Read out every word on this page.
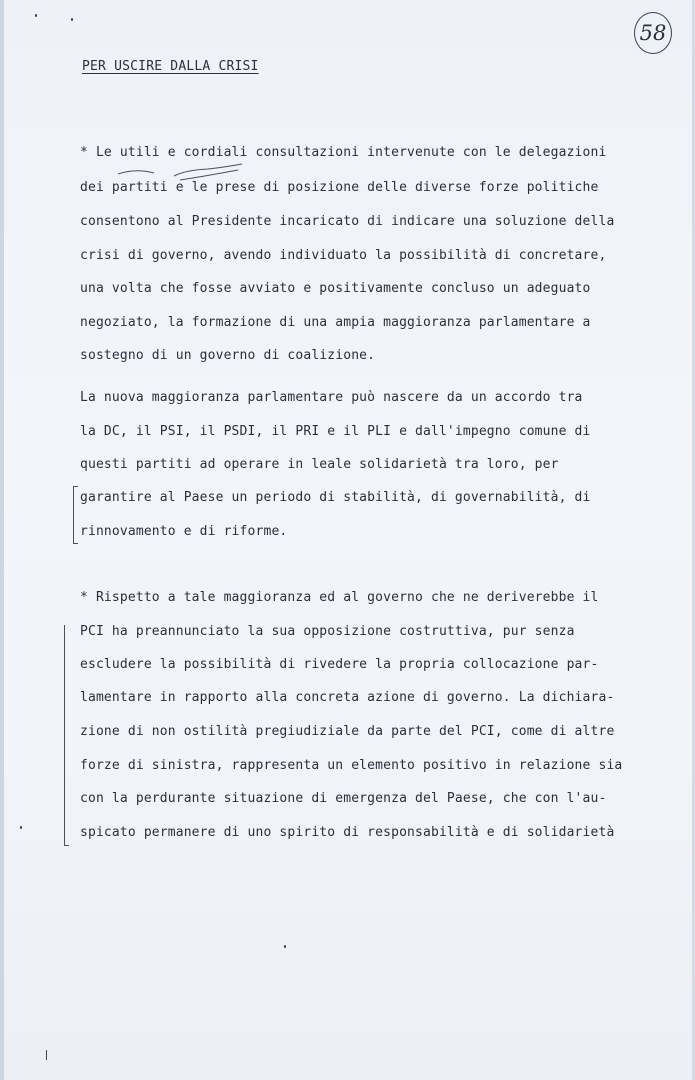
58
PER USCIRE DALLA CRISI
* Le utili e cordiali consultazioni intervenute con le delegazioni
dei partiti e le prese di posizione delle diverse forze politiche
consentono al Presidente incaricato di indicare una soluzione della
crisi di governo, avendo individuato la possibilità di concretare,
una volta che fosse avviato e positivamente concluso un adeguato
negoziato, la formazione di una ampia maggioranza parlamentare a
sostegno di un governo di coalizione.
La nuova maggioranza parlamentare può nascere da un accordo tra
la DC, il PSI, il PSDI, il PRI e il PLI e dall'impegno comune di
questi partiti ad operare in leale solidarietà tra loro, per
garantire al Paese un periodo di stabilità, di governabilità, di
rinnovamento e di riforme.
* Rispetto a tale maggioranza ed al governo che ne deriverebbe il
PCI ha preannunciato la sua opposizione costruttiva, pur senza
escludere la possibilità di rivedere la propria collocazione par-
lamentare in rapporto alla concreta azione di governo. La dichiara-
zione di non ostilità pregiudiziale da parte del PCI, come di altre
forze di sinistra, rappresenta un elemento positivo in relazione sia
con la perdurante situazione di emergenza del Paese, che con l'au-
spicato permanere di uno spirito di responsabilità e di solidarietà
